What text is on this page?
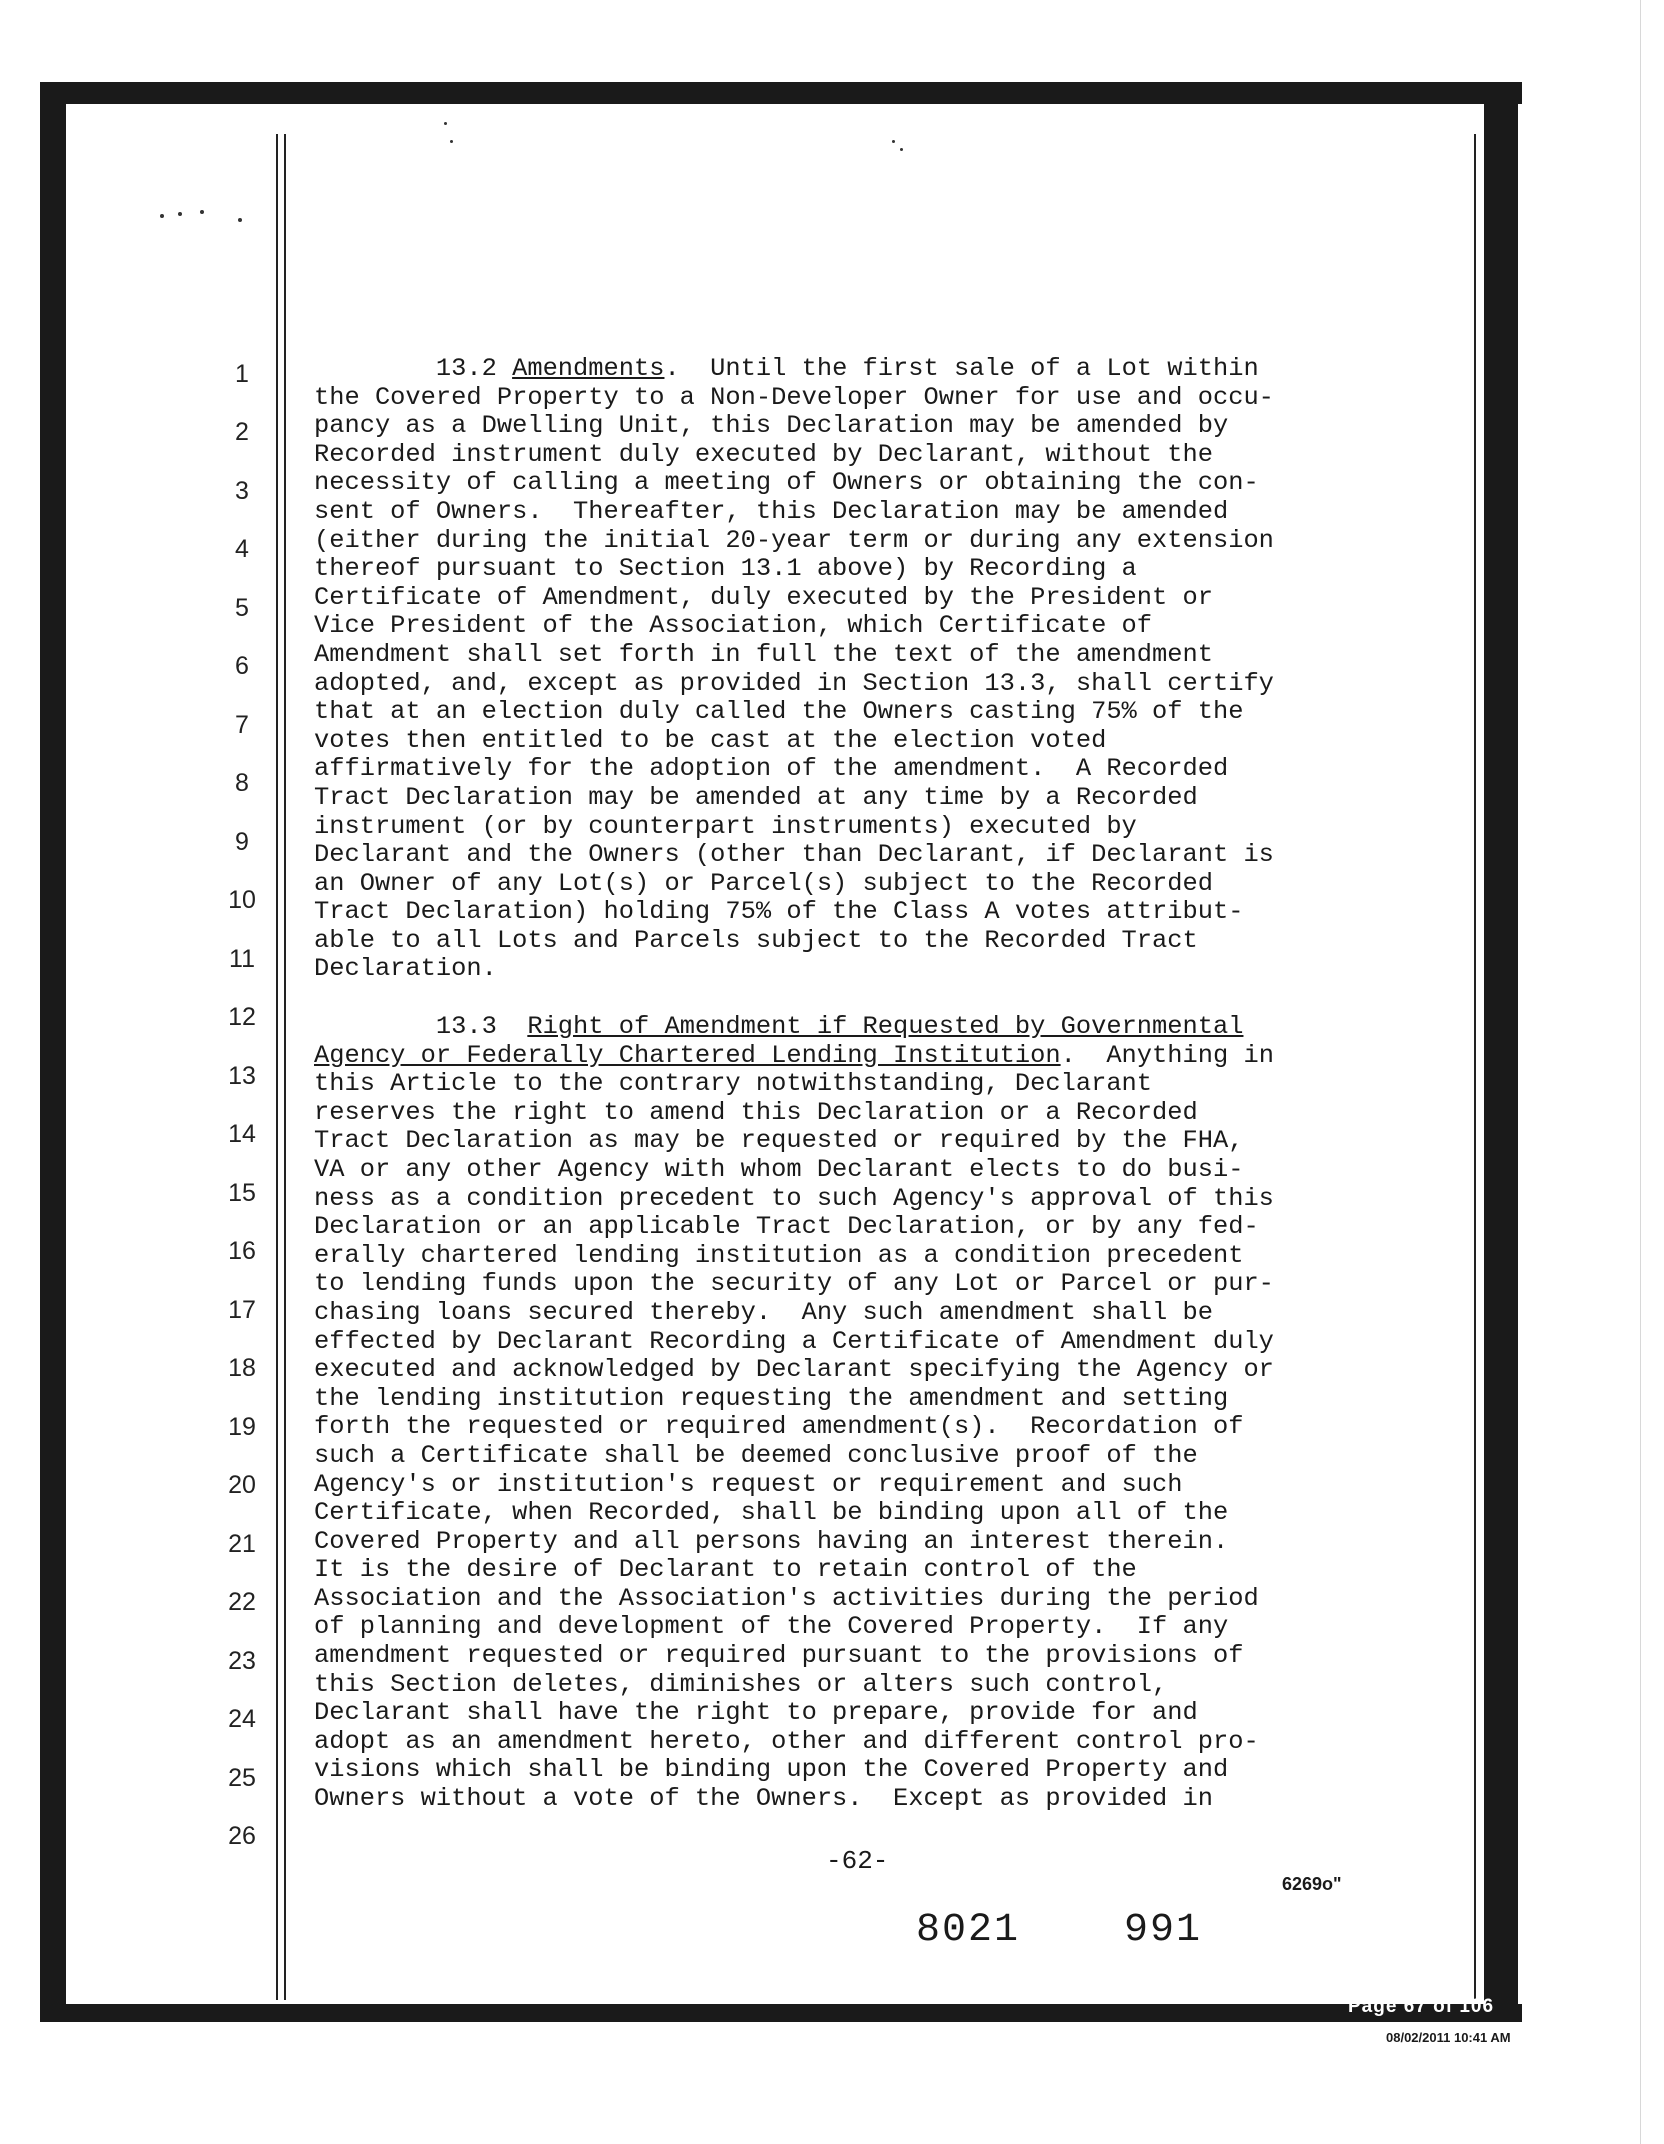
1
2
3
4
5
6
7
8
9
10
11
12
13
14
15
16
17
18
19
20
21
22
23
24
25
26
13.2 Amendments.  Until the first sale of a Lot within
the Covered Property to a Non-Developer Owner for use and occu-
pancy as a Dwelling Unit, this Declaration may be amended by
Recorded instrument duly executed by Declarant, without the
necessity of calling a meeting of Owners or obtaining the con-
sent of Owners.  Thereafter, this Declaration may be amended
(either during the initial 20-year term or during any extension
thereof pursuant to Section 13.1 above) by Recording a
Certificate of Amendment, duly executed by the President or
Vice President of the Association, which Certificate of
Amendment shall set forth in full the text of the amendment
adopted, and, except as provided in Section 13.3, shall certify
that at an election duly called the Owners casting 75% of the
votes then entitled to be cast at the election voted
affirmatively for the adoption of the amendment.  A Recorded
Tract Declaration may be amended at any time by a Recorded
instrument (or by counterpart instruments) executed by
Declarant and the Owners (other than Declarant, if Declarant is
an Owner of any Lot(s) or Parcel(s) subject to the Recorded
Tract Declaration) holding 75% of the Class A votes attribut-
able to all Lots and Parcels subject to the Recorded Tract
Declaration.
13.3  Right of Amendment if Requested by Governmental
Agency or Federally Chartered Lending Institution.  Anything in
this Article to the contrary notwithstanding, Declarant
reserves the right to amend this Declaration or a Recorded
Tract Declaration as may be requested or required by the FHA,
VA or any other Agency with whom Declarant elects to do busi-
ness as a condition precedent to such Agency's approval of this
Declaration or an applicable Tract Declaration, or by any fed-
erally chartered lending institution as a condition precedent
to lending funds upon the security of any Lot or Parcel or pur-
chasing loans secured thereby.  Any such amendment shall be
effected by Declarant Recording a Certificate of Amendment duly
executed and acknowledged by Declarant specifying the Agency or
the lending institution requesting the amendment and setting
forth the requested or required amendment(s).  Recordation of
such a Certificate shall be deemed conclusive proof of the
Agency's or institution's request or requirement and such
Certificate, when Recorded, shall be binding upon all of the
Covered Property and all persons having an interest therein.
It is the desire of Declarant to retain control of the
Association and the Association's activities during the period
of planning and development of the Covered Property.  If any
amendment requested or required pursuant to the provisions of
this Section deletes, diminishes or alters such control,
Declarant shall have the right to prepare, provide for and
adopt as an amendment hereto, other and different control pro-
visions which shall be binding upon the Covered Property and
Owners without a vote of the Owners.  Except as provided in
-62-
6269o"
8021    991
Page 67 of 106
08/02/2011 10:41 AM
